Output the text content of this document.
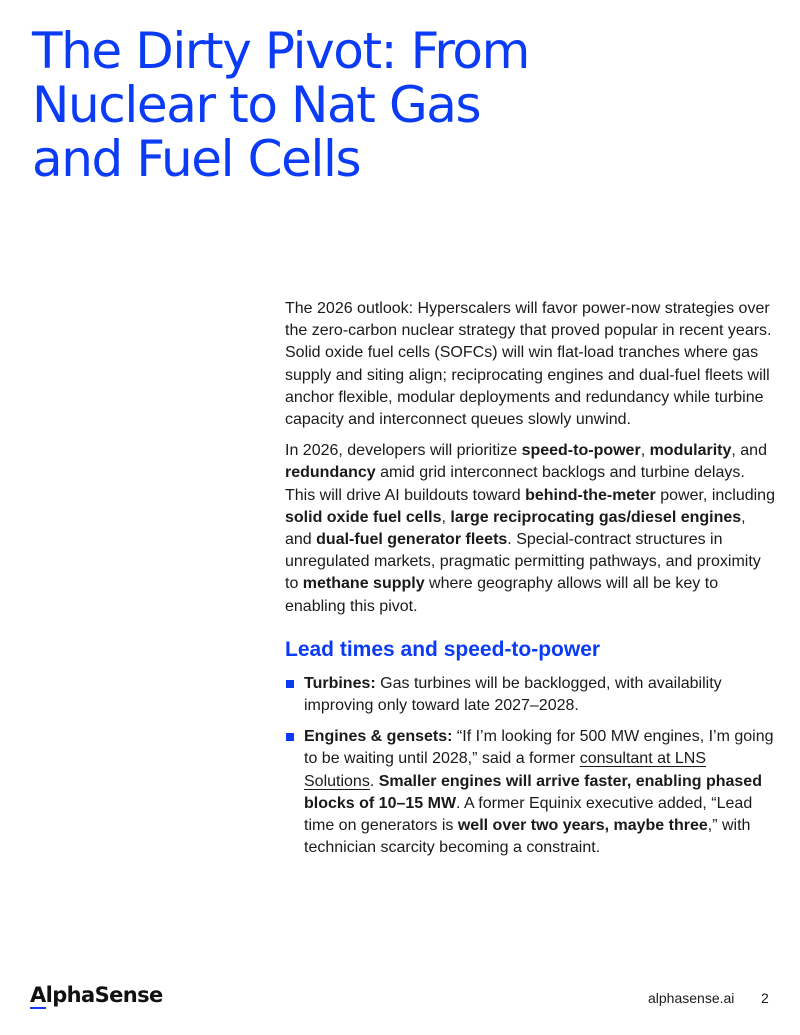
The Dirty Pivot: From
Nuclear to Nat Gas
and Fuel Cells

The 2026 outlook: Hyperscalers will favor power-now strategies over the zero-carbon nuclear strategy that proved popular in recent years. Solid oxide fuel cells (SOFCs) will win flat-load tranches where gas supply and siting align; reciprocating engines and dual-fuel fleets will anchor flexible, modular deployments and redundancy while turbine capacity and interconnect queues slowly unwind.

In 2026, developers will prioritize speed-to-power, modularity, and redundancy amid grid interconnect backlogs and turbine delays. This will drive AI buildouts toward behind-the-meter power, including solid oxide fuel cells, large reciprocating gas/diesel engines, and dual-fuel generator fleets. Special-contract structures in unregulated markets, pragmatic permitting pathways, and proximity to methane supply where geography allows will all be key to enabling this pivot.

Lead times and speed-to-power
Turbines: Gas turbines will be backlogged, with availability improving only toward late 2027–2028.
Engines & gensets: “If I’m looking for 500 MW engines, I’m going to be waiting until 2028,” said a former consultant at LNS Solutions. Smaller engines will arrive faster, enabling phased blocks of 10–15 MW. A former Equinix executive added, “Lead time on generators is well over two years, maybe three,” with technician scarcity becoming a constraint.
AlphaSense	alphasense.ai 2
